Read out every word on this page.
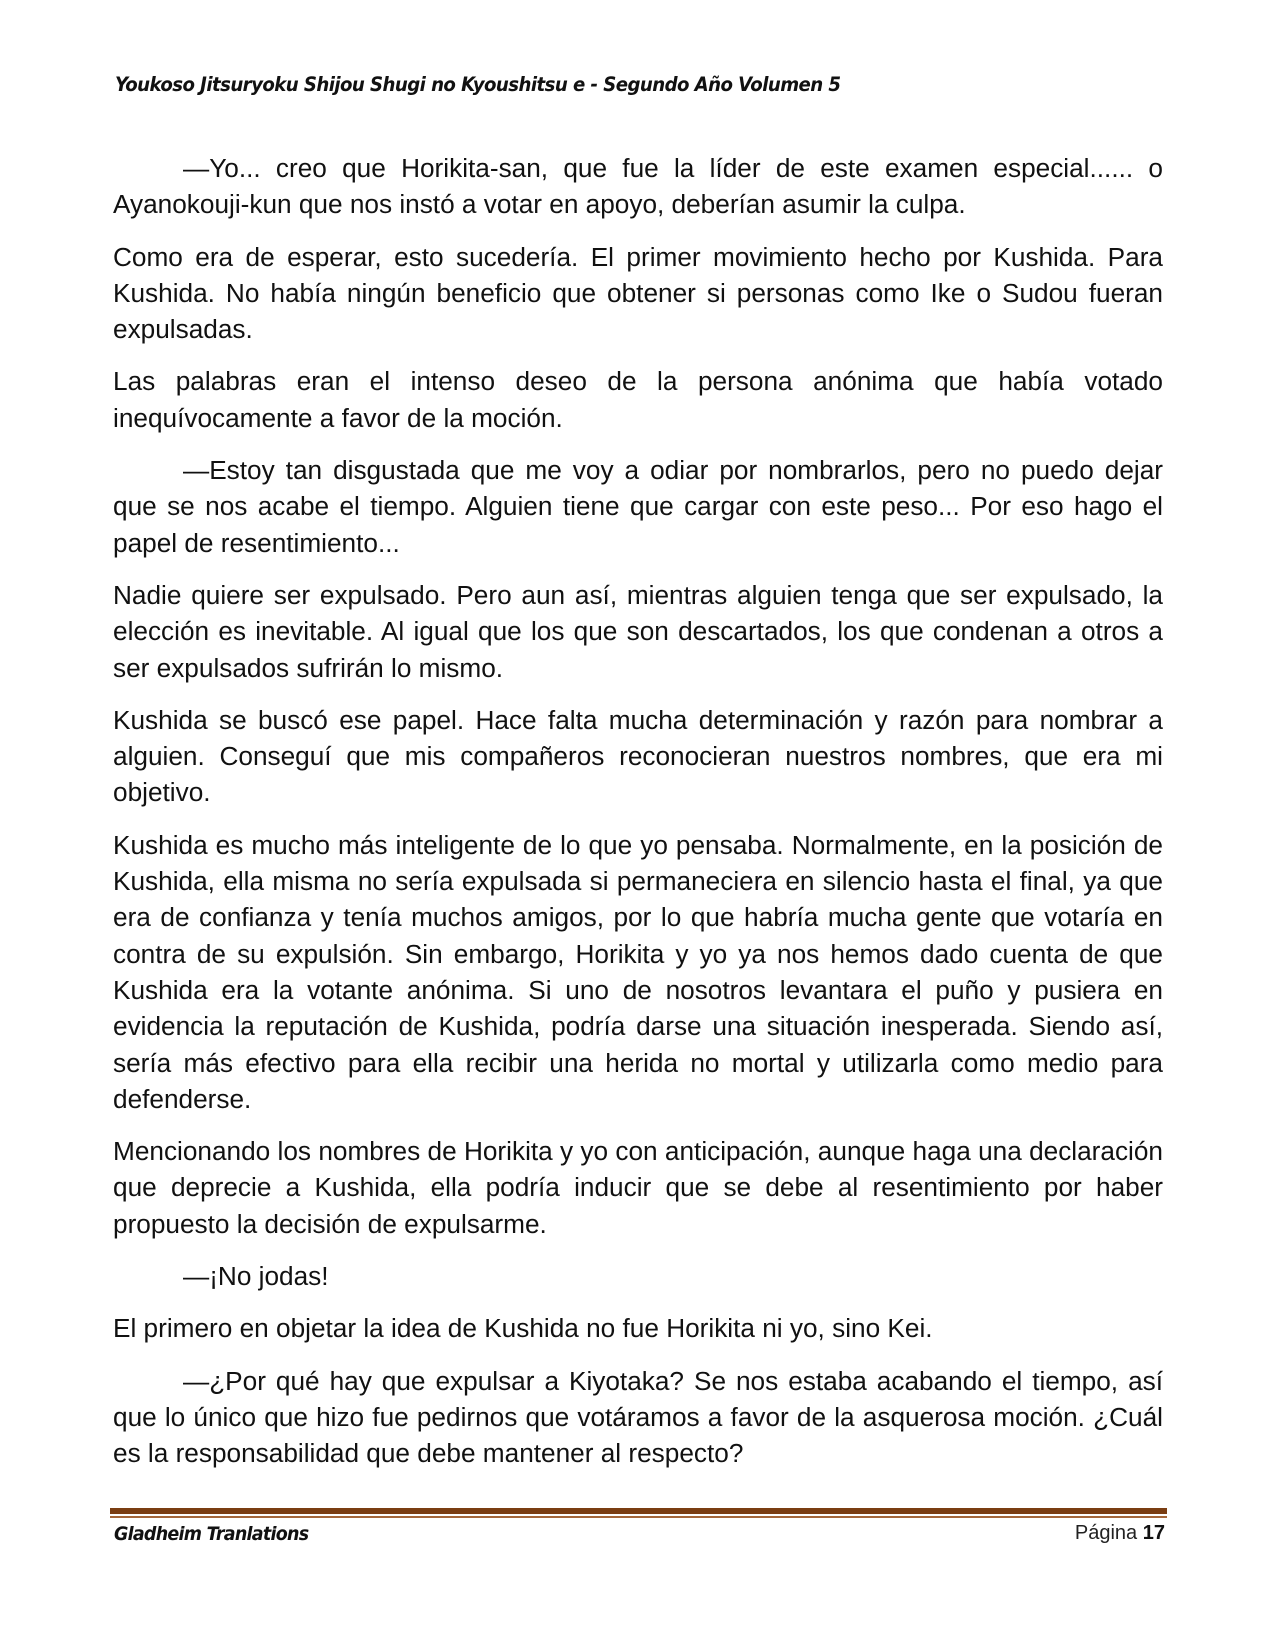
Youkoso Jitsuryoku Shijou Shugi no Kyoushitsu e - Segundo Año Volumen 5

—Yo... creo que Horikita-san, que fue la líder de este examen especial...... o Ayanokouji-kun que nos instó a votar en apoyo, deberían asumir la culpa.

Como era de esperar, esto sucedería. El primer movimiento hecho por Kushida. Para Kushida. No había ningún beneficio que obtener si personas como Ike o Sudou fueran expulsadas.

Las palabras eran el intenso deseo de la persona anónima que había votado inequívocamente a favor de la moción.

—Estoy tan disgustada que me voy a odiar por nombrarlos, pero no puedo dejar que se nos acabe el tiempo. Alguien tiene que cargar con este peso... Por eso hago el papel de resentimiento...

Nadie quiere ser expulsado. Pero aun así, mientras alguien tenga que ser expulsado, la elección es inevitable. Al igual que los que son descartados, los que condenan a otros a ser expulsados sufrirán lo mismo.

Kushida se buscó ese papel. Hace falta mucha determinación y razón para nombrar a alguien. Conseguí que mis compañeros reconocieran nuestros nombres, que era mi objetivo.

Kushida es mucho más inteligente de lo que yo pensaba. Normalmente, en la posición de Kushida, ella misma no sería expulsada si permaneciera en silencio hasta el final, ya que era de confianza y tenía muchos amigos, por lo que habría mucha gente que votaría en contra de su expulsión. Sin embargo, Horikita y yo ya nos hemos dado cuenta de que Kushida era la votante anónima. Si uno de nosotros levantara el puño y pusiera en evidencia la reputación de Kushida, podría darse una situación inesperada. Siendo así, sería más efectivo para ella recibir una herida no mortal y utilizarla como medio para defenderse.

Mencionando los nombres de Horikita y yo con anticipación, aunque haga una declaración que deprecie a Kushida, ella podría inducir que se debe al resentimiento por haber propuesto la decisión de expulsarme.

—¡No jodas!

El primero en objetar la idea de Kushida no fue Horikita ni yo, sino Kei.

—¿Por qué hay que expulsar a Kiyotaka? Se nos estaba acabando el tiempo, así que lo único que hizo fue pedirnos que votáramos a favor de la asquerosa moción. ¿Cuál es la responsabilidad que debe mantener al respecto?

Gladheim Tranlations	Página 17
